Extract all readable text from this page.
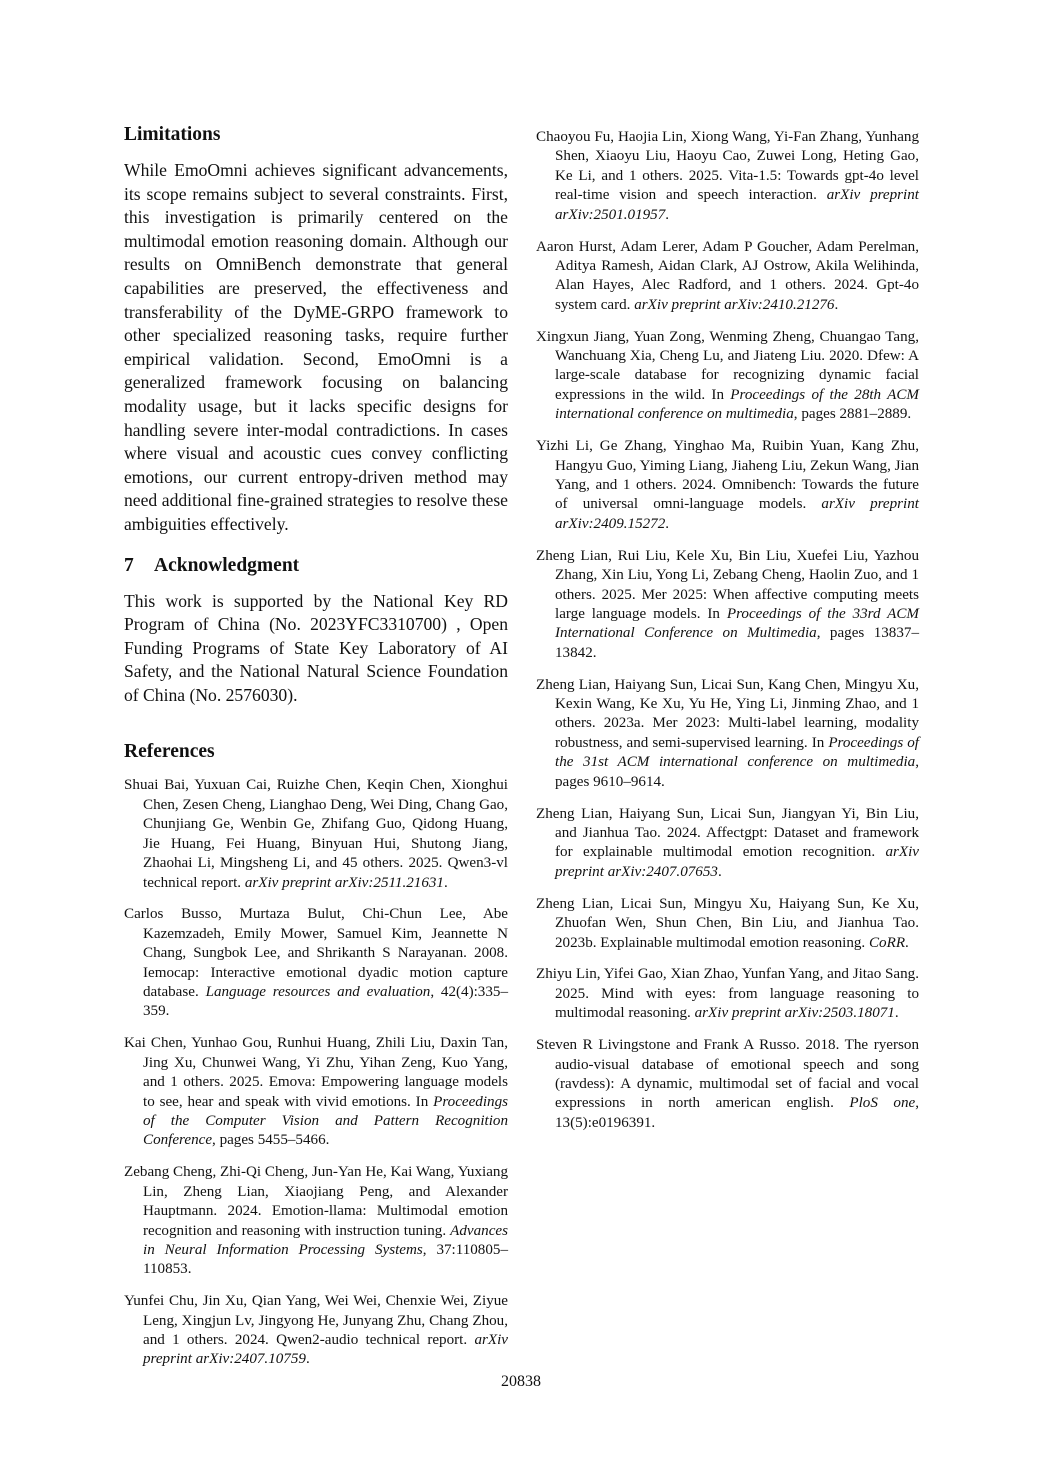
Limitations

While EmoOmni achieves significant advancements, its scope remains subject to several constraints. First, this investigation is primarily centered on the multimodal emotion reasoning domain. Although our results on OmniBench demonstrate that general capabilities are preserved, the effectiveness and transferability of the DyME-GRPO framework to other specialized reasoning tasks, require further empirical validation. Second, EmoOmni is a generalized framework focusing on balancing modality usage, but it lacks specific designs for handling severe inter-modal contradictions. In cases where visual and acoustic cues convey conflicting emotions, our current entropy-driven method may need additional fine-grained strategies to resolve these ambiguities effectively.

7 Acknowledgment

This work is supported by the National Key RD Program of China (No. 2023YFC3310700) , Open Funding Programs of State Key Laboratory of AI Safety, and the National Natural Science Foundation of China (No. 2576030).

References
Shuai Bai, Yuxuan Cai, Ruizhe Chen, Keqin Chen, Xionghui Chen, Zesen Cheng, Lianghao Deng, Wei Ding, Chang Gao, Chunjiang Ge, Wenbin Ge, Zhifang Guo, Qidong Huang, Jie Huang, Fei Huang, Binyuan Hui, Shutong Jiang, Zhaohai Li, Mingsheng Li, and 45 others. 2025. Qwen3-vl technical report. arXiv preprint arXiv:2511.21631.
Carlos Busso, Murtaza Bulut, Chi-Chun Lee, Abe Kazemzadeh, Emily Mower, Samuel Kim, Jeannette N Chang, Sungbok Lee, and Shrikanth S Narayanan. 2008. Iemocap: Interactive emotional dyadic motion capture database. Language resources and evaluation, 42(4):335–359.
Kai Chen, Yunhao Gou, Runhui Huang, Zhili Liu, Daxin Tan, Jing Xu, Chunwei Wang, Yi Zhu, Yihan Zeng, Kuo Yang, and 1 others. 2025. Emova: Empowering language models to see, hear and speak with vivid emotions. In Proceedings of the Computer Vision and Pattern Recognition Conference, pages 5455–5466.
Zebang Cheng, Zhi-Qi Cheng, Jun-Yan He, Kai Wang, Yuxiang Lin, Zheng Lian, Xiaojiang Peng, and Alexander Hauptmann. 2024. Emotion-llama: Multimodal emotion recognition and reasoning with instruction tuning. Advances in Neural Information Processing Systems, 37:110805–110853.
Yunfei Chu, Jin Xu, Qian Yang, Wei Wei, Chenxie Wei, Ziyue Leng, Xingjun Lv, Jingyong He, Junyang Zhu, Chang Zhou, and 1 others. 2024. Qwen2-audio technical report. arXiv preprint arXiv:2407.10759.
Chaoyou Fu, Haojia Lin, Xiong Wang, Yi-Fan Zhang, Yunhang Shen, Xiaoyu Liu, Haoyu Cao, Zuwei Long, Heting Gao, Ke Li, and 1 others. 2025. Vita-1.5: Towards gpt-4o level real-time vision and speech interaction. arXiv preprint arXiv:2501.01957.
Aaron Hurst, Adam Lerer, Adam P Goucher, Adam Perelman, Aditya Ramesh, Aidan Clark, AJ Ostrow, Akila Welihinda, Alan Hayes, Alec Radford, and 1 others. 2024. Gpt-4o system card. arXiv preprint arXiv:2410.21276.
Xingxun Jiang, Yuan Zong, Wenming Zheng, Chuangao Tang, Wanchuang Xia, Cheng Lu, and Jiateng Liu. 2020. Dfew: A large-scale database for recognizing dynamic facial expressions in the wild. In Proceedings of the 28th ACM international conference on multimedia, pages 2881–2889.
Yizhi Li, Ge Zhang, Yinghao Ma, Ruibin Yuan, Kang Zhu, Hangyu Guo, Yiming Liang, Jiaheng Liu, Zekun Wang, Jian Yang, and 1 others. 2024. Omnibench: Towards the future of universal omni-language models. arXiv preprint arXiv:2409.15272.
Zheng Lian, Rui Liu, Kele Xu, Bin Liu, Xuefei Liu, Yazhou Zhang, Xin Liu, Yong Li, Zebang Cheng, Haolin Zuo, and 1 others. 2025. Mer 2025: When affective computing meets large language models. In Proceedings of the 33rd ACM International Conference on Multimedia, pages 13837–13842.
Zheng Lian, Haiyang Sun, Licai Sun, Kang Chen, Mingyu Xu, Kexin Wang, Ke Xu, Yu He, Ying Li, Jinming Zhao, and 1 others. 2023a. Mer 2023: Multi-label learning, modality robustness, and semi-supervised learning. In Proceedings of the 31st ACM international conference on multimedia, pages 9610–9614.
Zheng Lian, Haiyang Sun, Licai Sun, Jiangyan Yi, Bin Liu, and Jianhua Tao. 2024. Affectgpt: Dataset and framework for explainable multimodal emotion recognition. arXiv preprint arXiv:2407.07653.
Zheng Lian, Licai Sun, Mingyu Xu, Haiyang Sun, Ke Xu, Zhuofan Wen, Shun Chen, Bin Liu, and Jianhua Tao. 2023b. Explainable multimodal emotion reasoning. CoRR.
Zhiyu Lin, Yifei Gao, Xian Zhao, Yunfan Yang, and Jitao Sang. 2025. Mind with eyes: from language reasoning to multimodal reasoning. arXiv preprint arXiv:2503.18071.
Steven R Livingstone and Frank A Russo. 2018. The ryerson audio-visual database of emotional speech and song (ravdess): A dynamic, multimodal set of facial and vocal expressions in north american english. PloS one, 13(5):e0196391.
20838
